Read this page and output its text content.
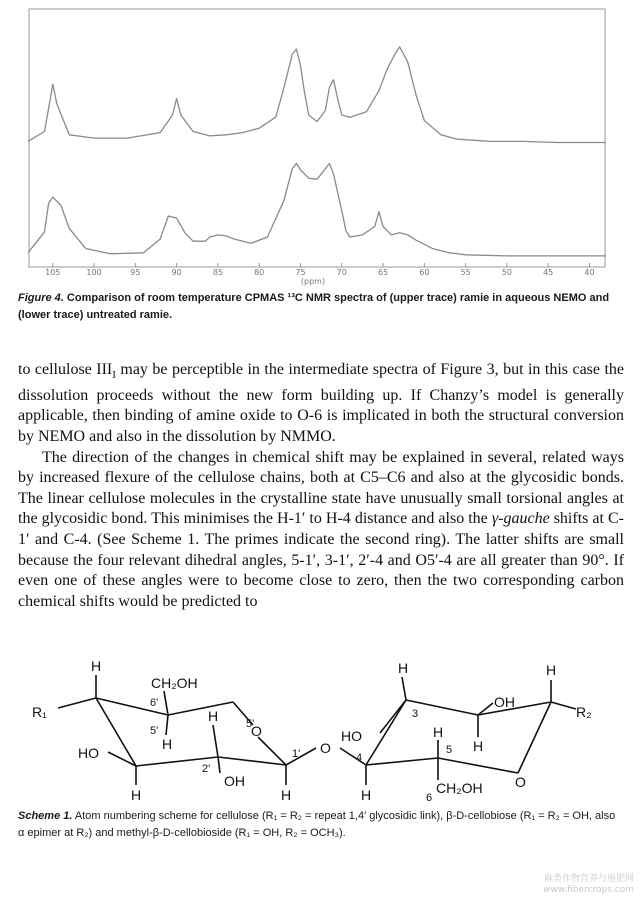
105	100	95	90	85	80	75	70	65	60	55	50	45	40
(ppm)
Figure 4. Comparison of room temperature CPMAS ¹³C NMR spectra of (upper trace) ramie in aqueous NEMO and (lower trace) untreated ramie.

to cellulose $III_I$ may be perceptible in the intermediate spectra of Figure 3, but in this case the dissolution proceeds without the new form building up. If Chanzy’s model is generally applicable, then binding of amine oxide to O-6 is implicated in both the structural conversion by NEMO and also in the dissolution by NMMO.

The direction of the changes in chemical shift may be explained in several, related ways by increased flexure of the cellulose chains, both at C5–C6 and also at the glycosidic bonds. The linear cellulose molecules in the crystalline state have unusually small torsional angles at the glycosidic bond. This minimises the H-1′ to H-4 distance and also the γ-gauche shifts at C-1′ and C-4. (See Scheme 1. The primes indicate the second ring). The latter shifts are small because the four relevant dihedral angles, 5-1′, 3-1′, 2′-4 and O5′-4 are all greater than 90°. If even one of these angles were to become close to zero, then the two corresponding carbon chemical shifts would be predicted to

R₁
H
HO
H
CH₂OH
H
H
OH
H
O
H
HO
H
OH
H
H
CH₂OH O
H
R₂
O
6'
5'
5'
2'
1'	4
3
5
6
Scheme 1. Atom numbering scheme for cellulose (R₁ = R₂ = repeat 1,4′ glycosidic link), β-D-cellobiose (R₁ = R₂ = OH, also α epimer at R₂) and methyl-β-D-cellobioside (R₁ = OH, R₂ = OCH₃).
麻类作物营养与施肥网
www.fibercrops.com
